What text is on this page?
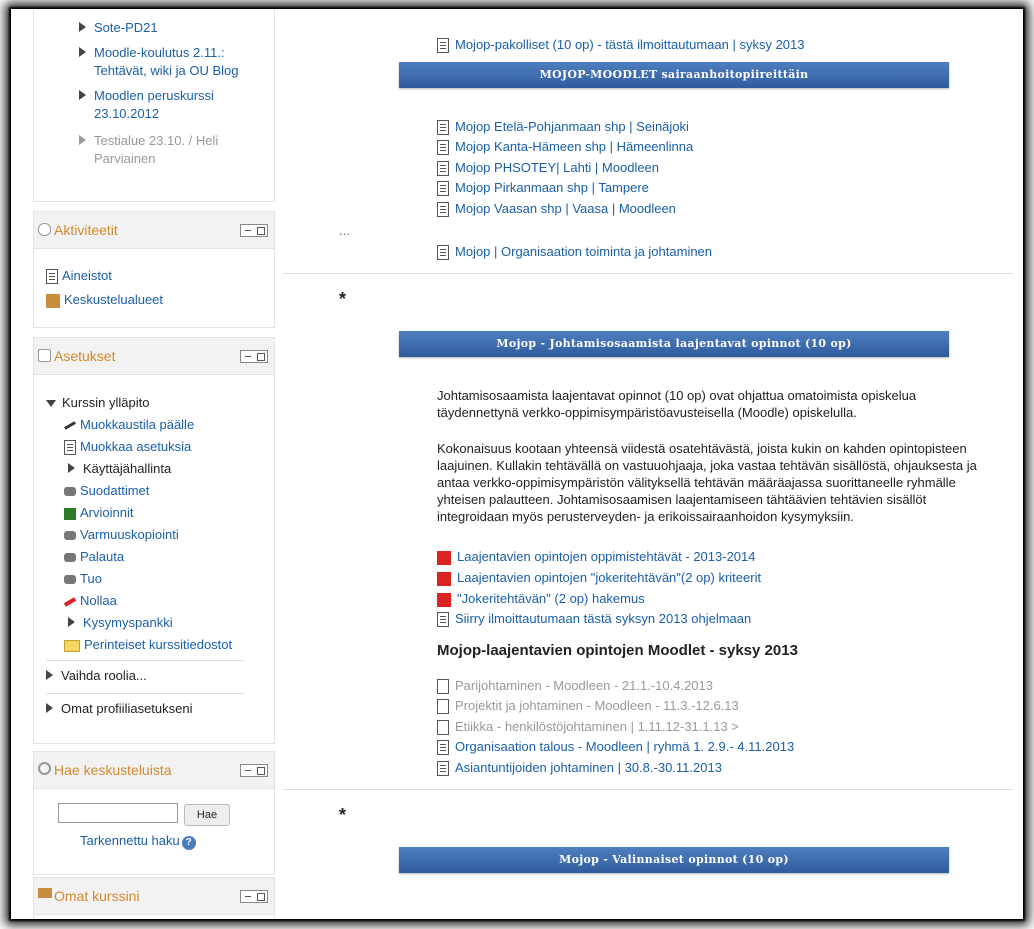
Sote-PD21
Moodle-koulutus 2.11.: Tehtävät, wiki ja OU Blog
Moodlen peruskurssi 23.10.2012
Testialue 23.10. / Heli Parviainen
Aktiviteetit
Aineistot
Keskustelualueet
Asetukset
Kurssin ylläpito
Muokkaustila päälle
Muokkaa asetuksia
Käyttäjähallinta
Suodattimet
Arvioinnit
Varmuuskopiointi
Palauta
Tuo
Nollaa
Kysymyspankki
Perinteiset kurssitiedostot
Vaihda roolia...
Omat profiiliasetukseni
Hae keskusteluista
Hae
Tarkennettu haku ?
Omat kurssini
Mojop-pakolliset (10 op) - tästä ilmoittautumaan | syksy 2013
MOJOP-MOODLET sairaanhoitopiireittäin
Mojop Etelä-Pohjanmaan shp | Seinäjoki
Mojop Kanta-Hämeen shp | Hämeenlinna
Mojop PHSOTEY| Lahti | Moodleen
Mojop Pirkanmaan shp | Tampere
Mojop Vaasan shp | Vaasa | Moodleen
...
Mojop | Organisaation toiminta ja johtaminen
*
Mojop - Johtamisosaamista laajentavat opinnot (10 op)
Johtamisosaamista laajentavat opinnot (10 op) ovat ohjattua omatoimista opiskelua täydennettynä verkko-oppimisympäristöavusteisella (Moodle) opiskelulla.
Kokonaisuus kootaan yhteensä viidestä osatehtävästä, joista kukin on kahden opintopisteen laajuinen. Kullakin tehtävällä on vastuuohjaaja, joka vastaa tehtävän sisällöstä, ohjauksesta ja antaa verkko-oppimisympäristön välityksellä tehtävän määräajassa suorittaneelle ryhmälle yhteisen palautteen. Johtamisosaamisen laajentamiseen tähtäävien tehtävien sisällöt integroidaan myös perusterveyden- ja erikoissairaanhoidon kysymyksiin.
Laajentavien opintojen oppimistehtävät - 2013-2014
Laajentavien opintojen "jokeritehtävän"(2 op) kriteerit
"Jokeritehtävän" (2 op) hakemus
Siirry ilmoittautumaan tästä syksyn 2013 ohjelmaan
Mojop-laajentavien opintojen Moodlet - syksy 2013
Parijohtaminen - Moodleen - 21.1.-10.4.2013
Projektit ja johtaminen - Moodleen - 11.3.-12.6.13
Etiikka - henkilöstöjohtaminen | 1.11.12-31.1.13 >
Organisaation talous - Moodleen | ryhmä 1. 2.9.- 4.11.2013
Asiantuntijoiden johtaminen | 30.8.-30.11.2013
*
Mojop - Valinnaiset opinnot (10 op)
